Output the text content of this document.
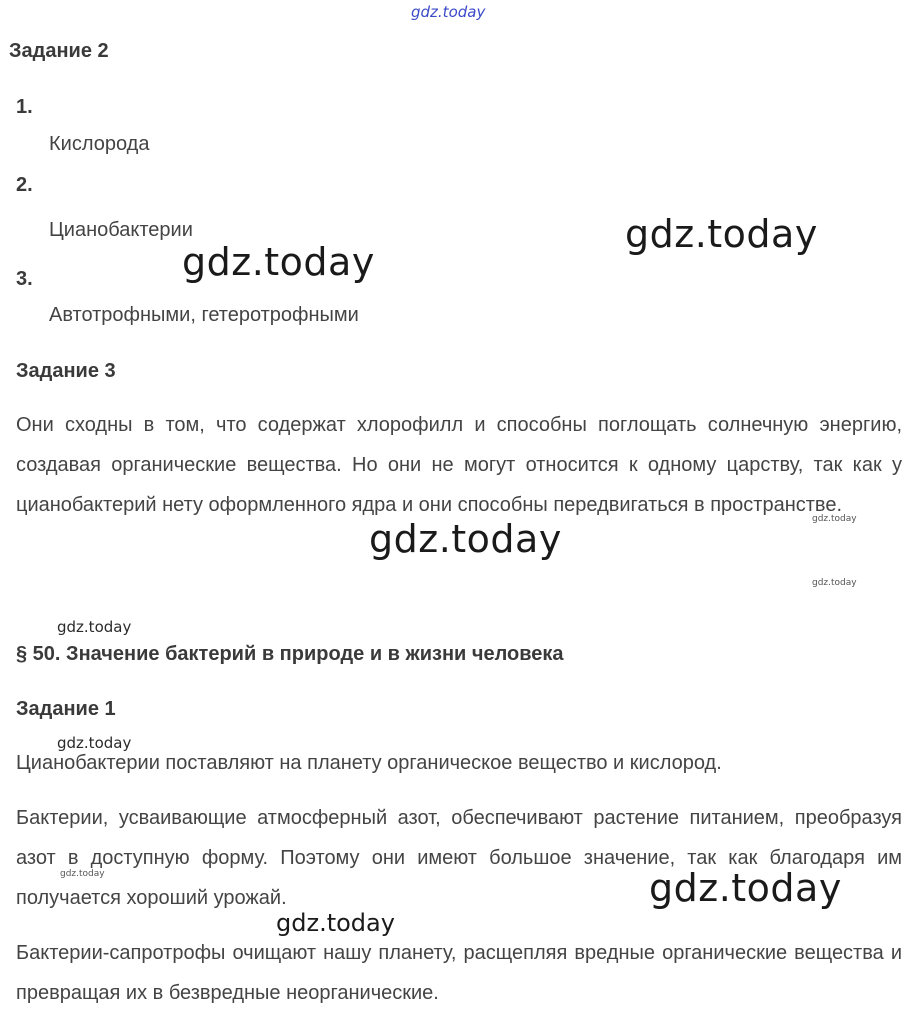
gdz.today
Задание 2
1.
Кислорода
2.
Цианобактерии
3.
Автотрофными, гетеротрофными
Задание 3
Они сходны в том, что содержат хлорофилл и способны поглощать солнечную энергию, создавая органические вещества. Но они не могут относится к одному царству, так как у цианобактерий нету оформленного ядра и они способны передвигаться в пространстве.
§ 50. Значение бактерий в природе и в жизни человека
Задание 1
Цианобактерии поставляют на планету органическое вещество и кислород.
Бактерии, усваивающие атмосферный азот, обеспечивают растение питанием, преобразуя азот в доступную форму. Поэтому они имеют большое значение, так как благодаря им получается хороший урожай.
Бактерии-сапротрофы очищают нашу планету, расщепляя вредные органические вещества и превращая их в безвредные неорганические.
gdz.today
gdz.today
gdz.today
gdz.today
gdz.today
gdz.today
gdz.today
gdz.today
gdz.today
gdz.today
